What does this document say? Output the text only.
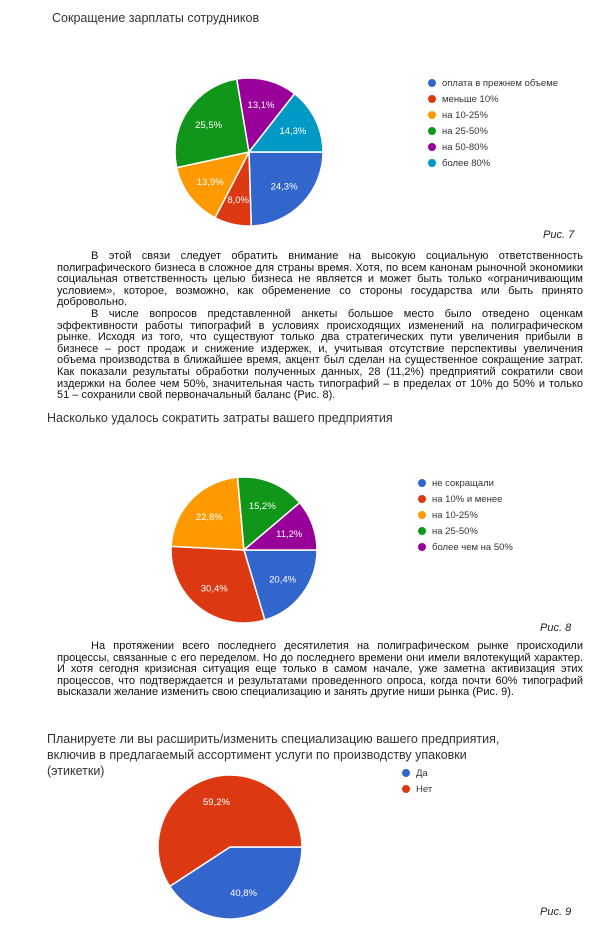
Сокращение зарплаты сотрудников
24,3%
8,0%
13,9%
25,5%
13,1%
14,3%
оплата в прежнем объеме
меньше 10%
на 10-25%
на 25-50%
на 50-80%
более 80%
Рис. 7

В этой связи следует обратить внимание на высокую социальную ответственность полиграфического бизнеса в сложное для страны время. Хотя, по всем канонам рыночной экономики социальная ответственность целью бизнеса не является и может быть только «ограничивающим условием», которое, возможно, как обременение со стороны государства или быть принято добровольно.

В числе вопросов представленной анкеты большое место было отведено оценкам эффективности работы типографий в условиях происходящих изменений на полиграфическом рынке. Исходя из того, что существуют только два стратегических пути увеличения прибыли в бизнесе – рост продаж и снижение издержек, и, учитывая отсутствие перспективы увеличения объема производства в ближайшее время, акцент был сделан на существенное сокращение затрат. Как показали результаты обработки полученных данных, 28 (11,2%) предприятий сократили свои издержки на более чем 50%, значительная часть типографий – в пределах от 10% до 50% и только 51 – сохранили свой первоначальный баланс (Рис. 8).

Насколько удалось сократить затраты вашего предприятия
20,4%
30,4%
22,8%
15,2%
11,2%
не сокращали
на 10% и менее
на 10-25%
на 25-50%
более чем на 50%
Рис. 8

На протяжении всего последнего десятилетия на полиграфическом рынке происходили процессы, связанные с его переделом. Но до последнего времени они имели вялотекущий характер. И хотя сегодня кризисная ситуация еще только в самом начале, уже заметна активизация этих процессов, что подтверждается и результатами проведенного опроса, когда почти 60% типографий высказали желание изменить свою специализацию и занять другие ниши рынка (Рис. 9).

Планируете ли вы расширить/изменить специализацию вашего предприятия, включив в предлагаемый ассортимент услуги по производству упаковки (этикетки)
40,8%
59,2%
Да
Нет
Рис. 9
